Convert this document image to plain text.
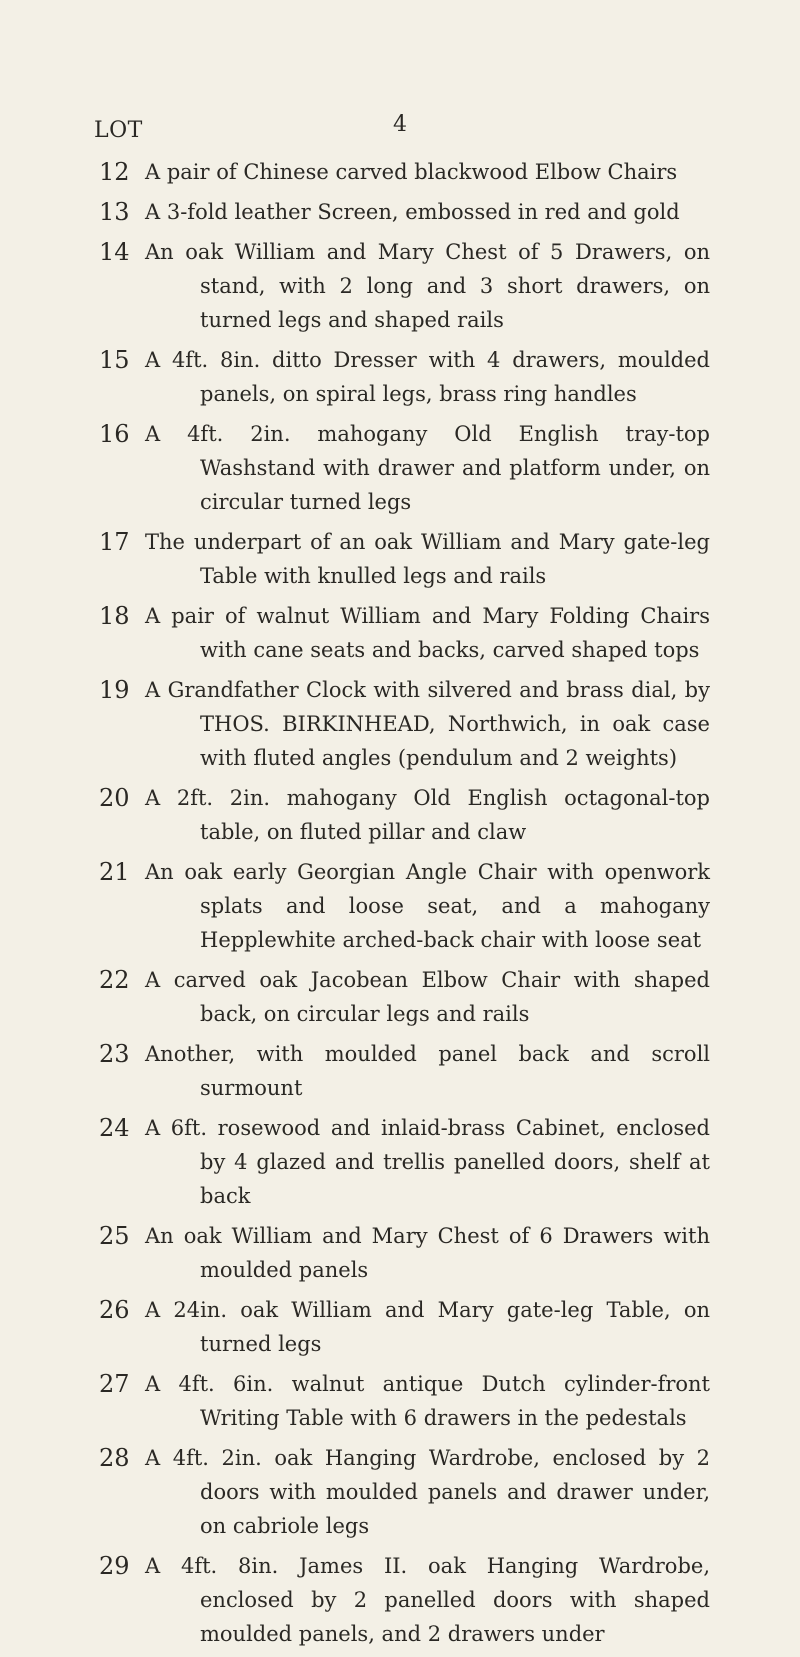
4
LOT
12 A pair of Chinese carved blackwood Elbow Chairs
13 A 3-fold leather Screen, embossed in red and gold
14 An oak William and Mary Chest of 5 Drawers, on stand, with 2 long and 3 short drawers, on turned legs and shaped rails
15 A 4ft. 8in. ditto Dresser with 4 drawers, moulded panels, on spiral legs, brass ring handles
16 A 4ft. 2in. mahogany Old English tray-top Washstand with drawer and platform under, on circular turned legs
17 The underpart of an oak William and Mary gate-leg Table with knulled legs and rails
18 A pair of walnut William and Mary Folding Chairs with cane seats and backs, carved shaped tops
19 A Grandfather Clock with silvered and brass dial, by THOS. BIRKINHEAD, Northwich, in oak case with fluted angles (pendulum and 2 weights)
20 A 2ft. 2in. mahogany Old English octagonal-top table, on fluted pillar and claw
21 An oak early Georgian Angle Chair with openwork splats and loose seat, and a mahogany Hepplewhite arched-back chair with loose seat
22 A carved oak Jacobean Elbow Chair with shaped back, on circular legs and rails
23 Another, with moulded panel back and scroll surmount
24 A 6ft. rosewood and inlaid-brass Cabinet, enclosed by 4 glazed and trellis panelled doors, shelf at back
25 An oak William and Mary Chest of 6 Drawers with moulded panels
26 A 24in. oak William and Mary gate-leg Table, on turned legs
27 A 4ft. 6in. walnut antique Dutch cylinder-front Writing Table with 6 drawers in the pedestals
28 A 4ft. 2in. oak Hanging Wardrobe, enclosed by 2 doors with moulded panels and drawer under, on cabriole legs
29 A 4ft. 8in. James II. oak Hanging Wardrobe, enclosed by 2 panelled doors with shaped moulded panels, and 2 drawers under
